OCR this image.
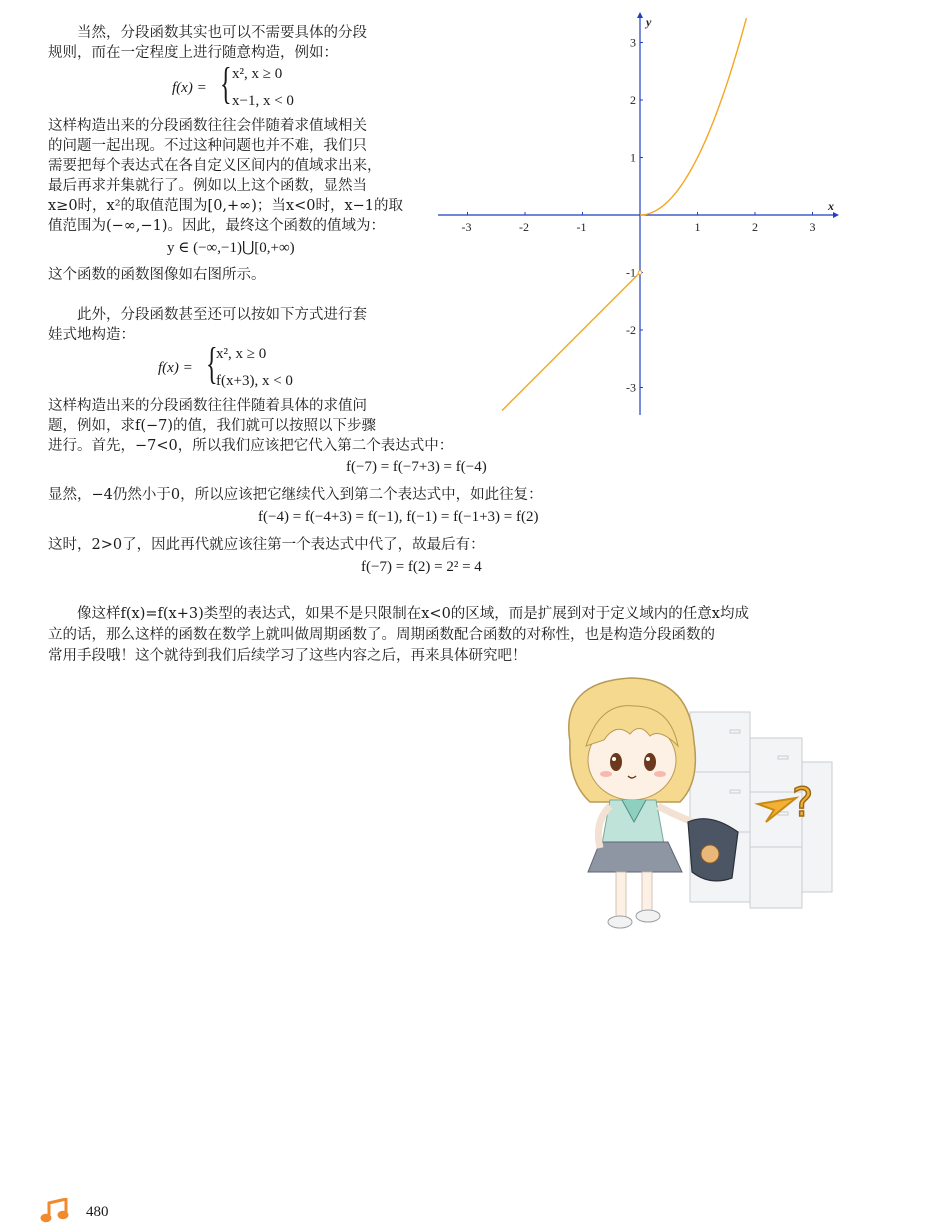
　　当然，分段函数其实也可以不需要具体的分段
规则，而在一定程度上进行随意构造，例如：
f(x) = { x², x ≥ 0
x−1, x < 0
这样构造出来的分段函数往往会伴随着求值域相关
的问题一起出现。不过这种问题也并不难，我们只
需要把每个表达式在各自定义区间内的值域求出来，
最后再求并集就行了。例如以上这个函数，显然当
x≥0时，x²的取值范围为[0,+∞)；当x<0时，x−1的取
值范围为(−∞,−1)。因此，最终这个函数的值域为：
y ∈ (−∞,−1)⋃[0,+∞)
这个函数的函数图像如右图所示。
　　此外，分段函数甚至还可以按如下方式进行套
娃式地构造：
f(x) = {
x², x ≥ 0
f(x+3), x < 0
这样构造出来的分段函数往往伴随着具体的求值问
题，例如，求f(−7)的值，我们就可以按照以下步骤
进行。首先，−7<0，所以我们应该把它代入第二个表达式中：
f(−7) = f(−7+3) = f(−4)
显然，−4仍然小于0，所以应该把它继续代入到第二个表达式中，如此往复：
f(−4) = f(−4+3) = f(−1), f(−1) = f(−1+3) = f(2)
这时，2>0了，因此再代就应该往第一个表达式中代了，故最后有：
f(−7) = f(2) = 2² = 4
　　像这样f(x)=f(x+3)类型的表达式，如果不是只限制在x<0的区域，而是扩展到对于定义域内的任意x均成
立的话，那么这样的函数在数学上就叫做周期函数了。周期函数配合函数的对称性，也是构造分段函数的
常用手段哦！这个就待到我们后续学习了这些内容之后，再来具体研究吧！
x
y
-3	-2	-1	1	2	3
3
2
1
-1
-2
-3
?
480
